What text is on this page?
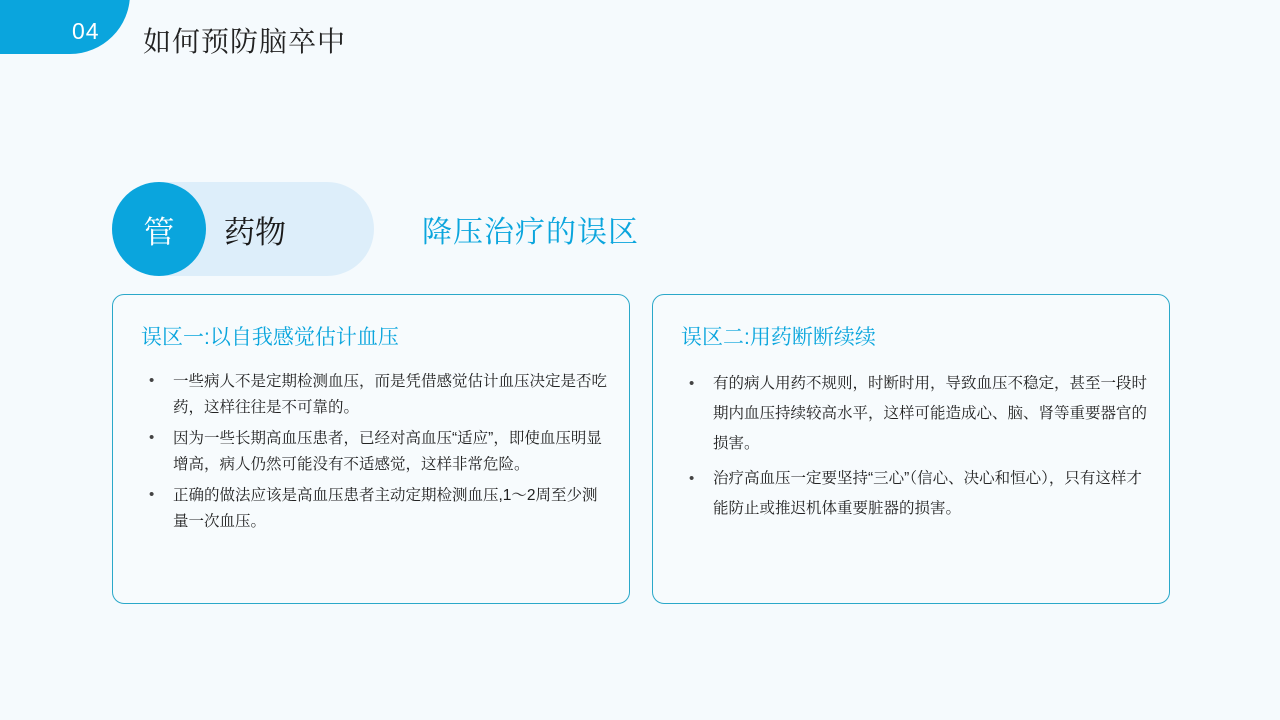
04 如何预防脑卒中
管	药物	降压治疗的误区
误区一:以自我感觉估计血压
• 一些病人不是定期检测血压，而是凭借感觉估计血压决定是否吃药，这样往往是不可靠的。
• 因为一些长期高血压患者，已经对高血压“适应”，即使血压明显增高，病人仍然可能没有不适感觉，这样非常危险。
• 正确的做法应该是高血压患者主动定期检测血压,1～2周至少测量一次血压。
误区二:用药断断续续
• 有的病人用药不规则，时断时用，导致血压不稳定，甚至一段时期内血压持续较高水平，这样可能造成心、脑、肾等重要器官的损害。
• 治疗高血压一定要坚持“三心”（信心、决心和恒心），只有这样才能防止或推迟机体重要脏器的损害。
